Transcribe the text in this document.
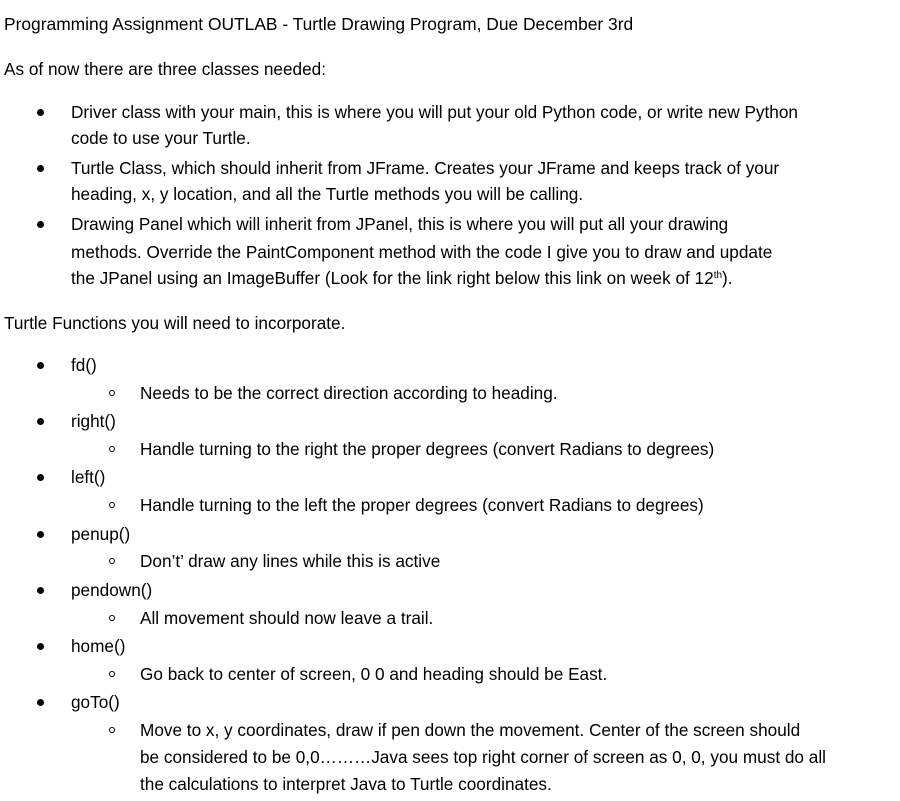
Programming Assignment OUTLAB - Turtle Drawing Program, Due December 3rd
As of now there are three classes needed:
Driver class with your main, this is where you will put your old Python code, or write new Python
code to use your Turtle.
Turtle Class, which should inherit from JFrame. Creates your JFrame and keeps track of your
heading, x, y location, and all the Turtle methods you will be calling.
Drawing Panel which will inherit from JPanel, this is where you will put all your drawing
methods. Override the PaintComponent method with the code I give you to draw and update
the JPanel using an ImageBuffer (Look for the link right below this link on week of 12th).
Turtle Functions you will need to incorporate.
fd()
Needs to be the correct direction according to heading.
right()
Handle turning to the right the proper degrees (convert Radians to degrees)
left()
Handle turning to the left the proper degrees (convert Radians to degrees)
penup()
Don’t’ draw any lines while this is active
pendown()
All movement should now leave a trail.
home()
Go back to center of screen, 0 0 and heading should be East.
goTo()
Move to x, y coordinates, draw if pen down the movement. Center of the screen should
be considered to be 0,0………Java sees top right corner of screen as 0, 0, you must do all
the calculations to interpret Java to Turtle coordinates.
